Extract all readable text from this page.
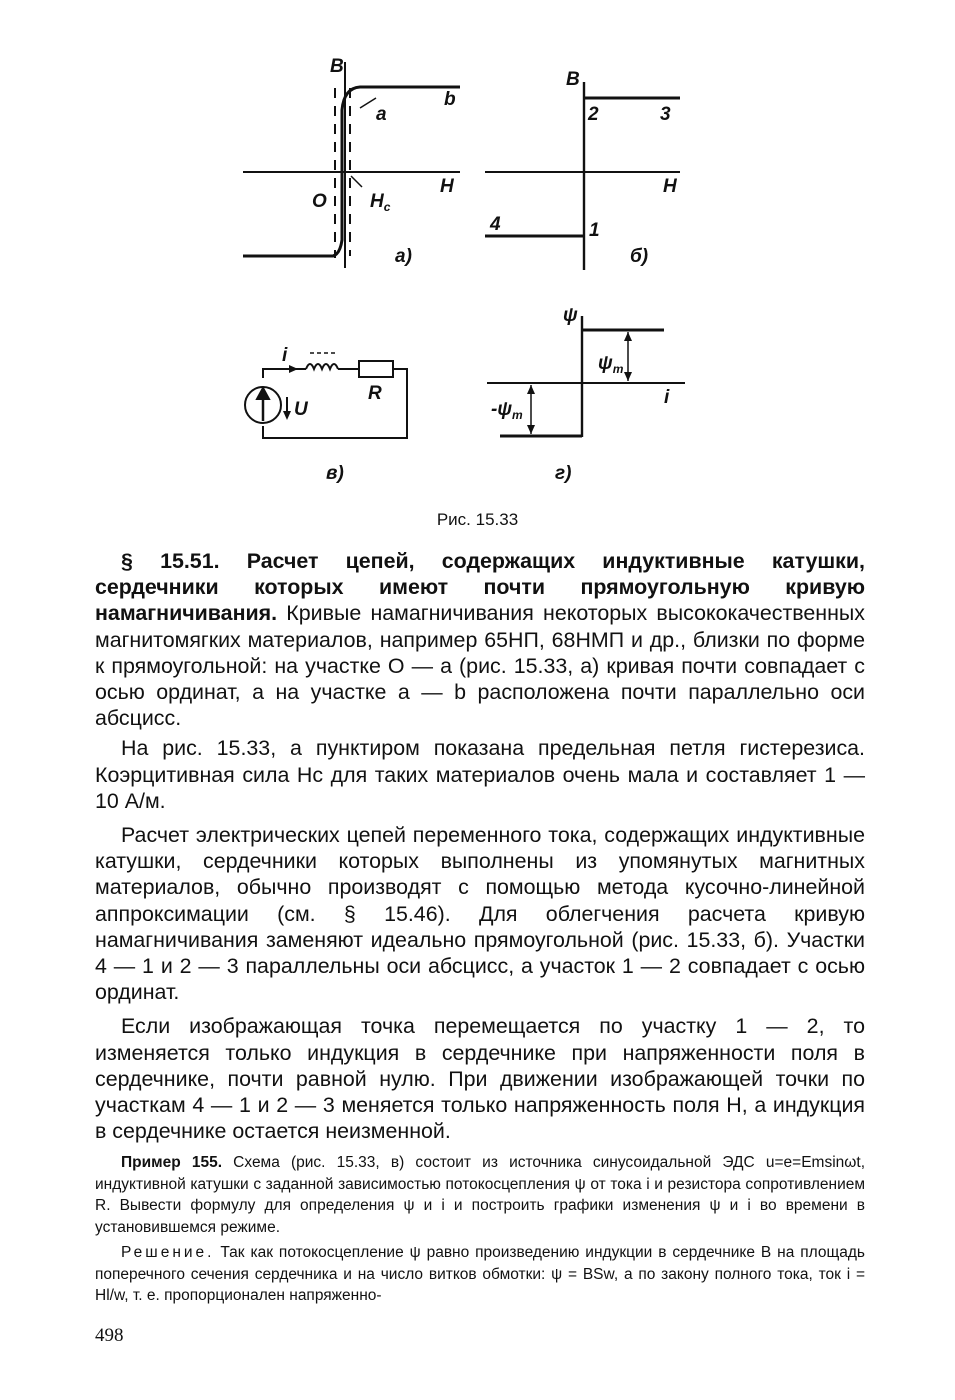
B
b
a
H
O $H_c$
а)
B
2	3
H
4	1
б)
i
U
R
в)
ψ
$\psi_m$
i
$-\psi_m$
г)
Рис. 15.33

§ 15.51. Расчет цепей, содержащих индуктивные катушки, сердечники которых имеют почти прямоугольную кривую намагничивания. Кривые намагничивания некоторых высококачественных магнитомягких материалов, например 65НП, 68НМП и др., близки по форме к прямоугольной: на участке O — a (рис. 15.33, a) кривая почти совпадает с осью ординат, а на участке a — b расположена почти параллельно оси абсцисс.

На рис. 15.33, a пунктиром показана предельная петля гистерезиса. Коэрцитивная сила Hc для таких материалов очень мала и составляет 1 — 10 А/м.

Расчет электрических цепей переменного тока, содержащих индуктивные катушки, сердечники которых выполнены из упомянутых магнитных материалов, обычно производят с помощью метода кусочно-линейной аппроксимации (см. § 15.46). Для облегчения расчета кривую намагничивания заменяют идеально прямоугольной (рис. 15.33, б). Участки 4 — 1 и 2 — 3 параллельны оси абсцисс, а участок 1 — 2 совпадает с осью ординат.

Если изображающая точка перемещается по участку 1 — 2, то изменяется только индукция в сердечнике при напряженности поля в сердечнике, почти равной нулю. При движении изображающей точки по участкам 4 — 1 и 2 — 3 меняется только напряженность поля H, а индукция в сердечнике остается неизменной.

Пример 155. Схема (рис. 15.33, в) состоит из источника синусоидальной ЭДС u=e=Emsinωt, индуктивной катушки с заданной зависимостью потокосцепления ψ от тока i и резистора сопротивлением R. Вывести формулу для определения ψ и i и построить графики изменения ψ и i во времени в установившемся режиме.

Решение. Так как потокосцепление ψ равно произведению индукции в сердечнике B на площадь поперечного сечения сердечника и на число витков обмотки: ψ = BSw, а по закону полного тока, ток i = Hl/w, т. е. пропорционален напряженно-

498
